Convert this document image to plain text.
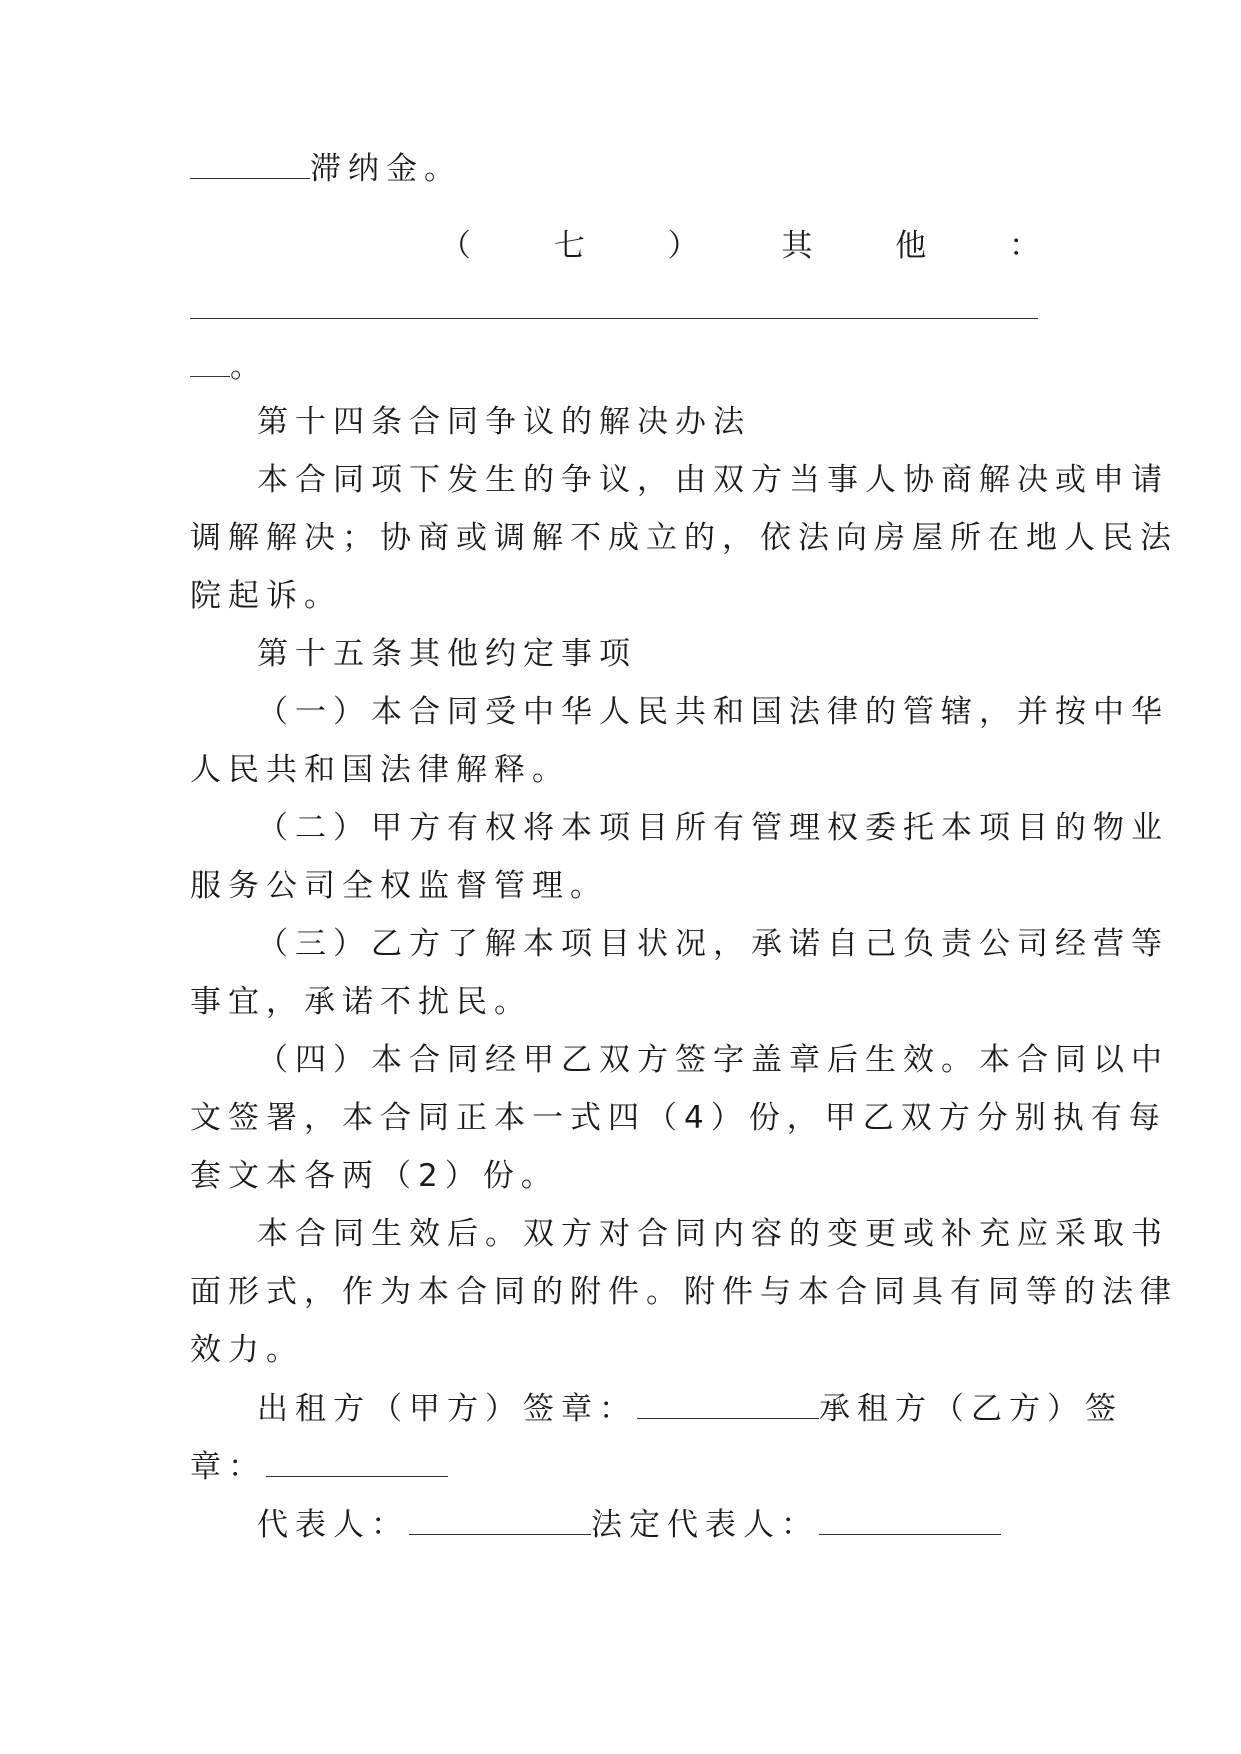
滞纳金。
（	七	）	其	他	：
。
第十四条合同争议的解决办法
本合同项下发生的争议，由双方当事人协商解决或申请
调解解决；协商或调解不成立的，依法向房屋所在地人民法
院起诉。
第十五条其他约定事项
（一）本合同受中华人民共和国法律的管辖，并按中华
人民共和国法律解释。
（二）甲方有权将本项目所有管理权委托本项目的物业
服务公司全权监督管理。
（三）乙方了解本项目状况，承诺自己负责公司经营等
事宜，承诺不扰民。
（四）本合同经甲乙双方签字盖章后生效。本合同以中
文签署，本合同正本一式四（4）份，甲乙双方分别执有每
套文本各两（2）份。
本合同生效后。双方对合同内容的变更或补充应采取书
面形式，作为本合同的附件。附件与本合同具有同等的法律
效力。
出租方（甲方）签章：	承租方（乙方）签
章：
代表人：	法定代表人：
